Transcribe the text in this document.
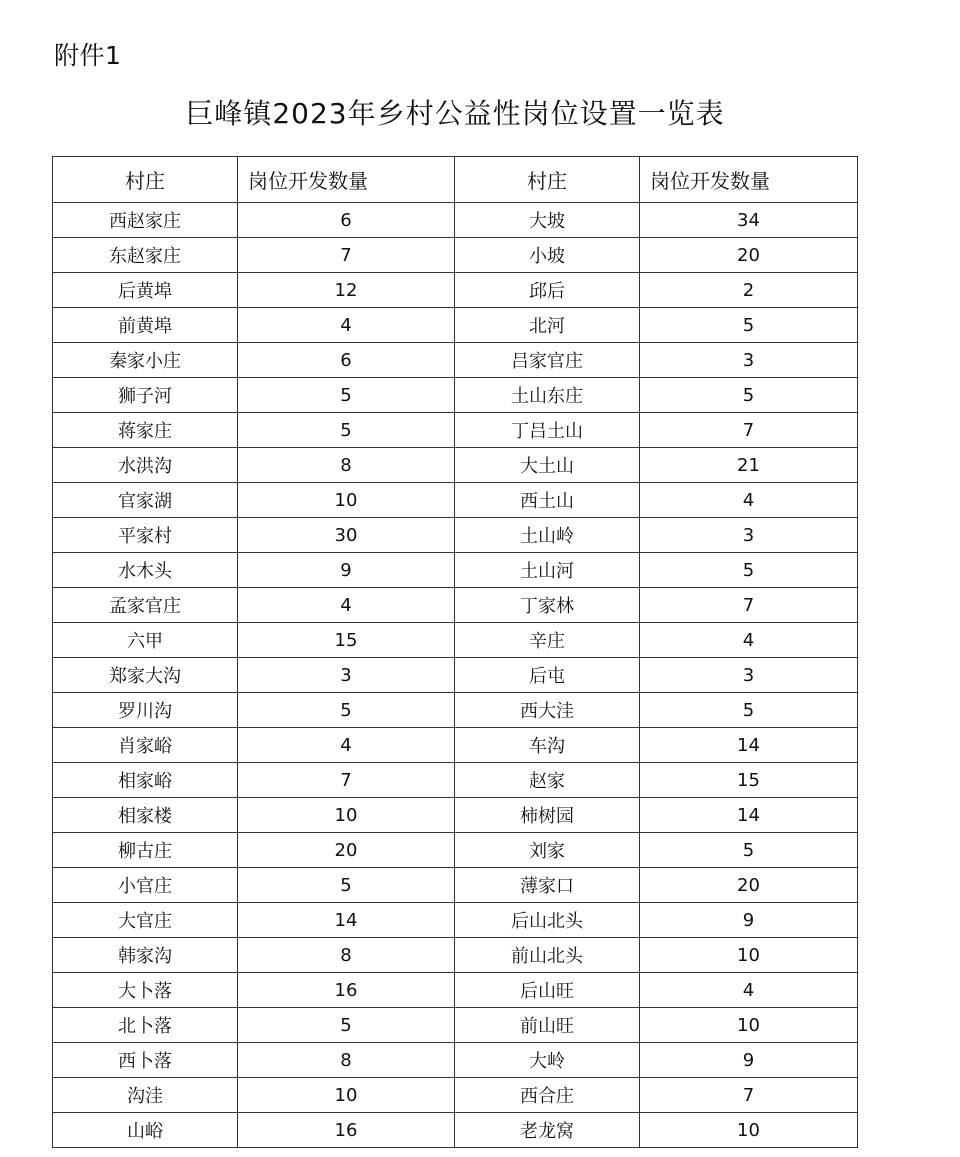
附件1
巨峰镇2023年乡村公益性岗位设置一览表
村庄	岗位开发数量	村庄	岗位开发数量
西赵家庄	6	大坡	34
东赵家庄	7	小坡	20
后黄埠	12	邱后	2
前黄埠	4	北河	5
秦家小庄	6	吕家官庄	3
狮子河	5	土山东庄	5
蒋家庄	5	丁吕土山	7
水洪沟	8	大土山	21
官家湖	10	西土山	4
平家村	30	土山岭	3
水木头	9	土山河	5
孟家官庄	4	丁家林	7
六甲	15	辛庄	4
郑家大沟	3	后屯	3
罗川沟	5	西大洼	5
肖家峪	4	车沟	14
相家峪	7	赵家	15
相家楼	10	柿树园	14
柳古庄	20	刘家	5
小官庄	5	薄家口	20
大官庄	14	后山北头	9
韩家沟	8	前山北头	10
大卜落	16	后山旺	4
北卜落	5	前山旺	10
西卜落	8	大岭	9
沟洼	10	西合庄	7
山峪	16	老龙窝	10
